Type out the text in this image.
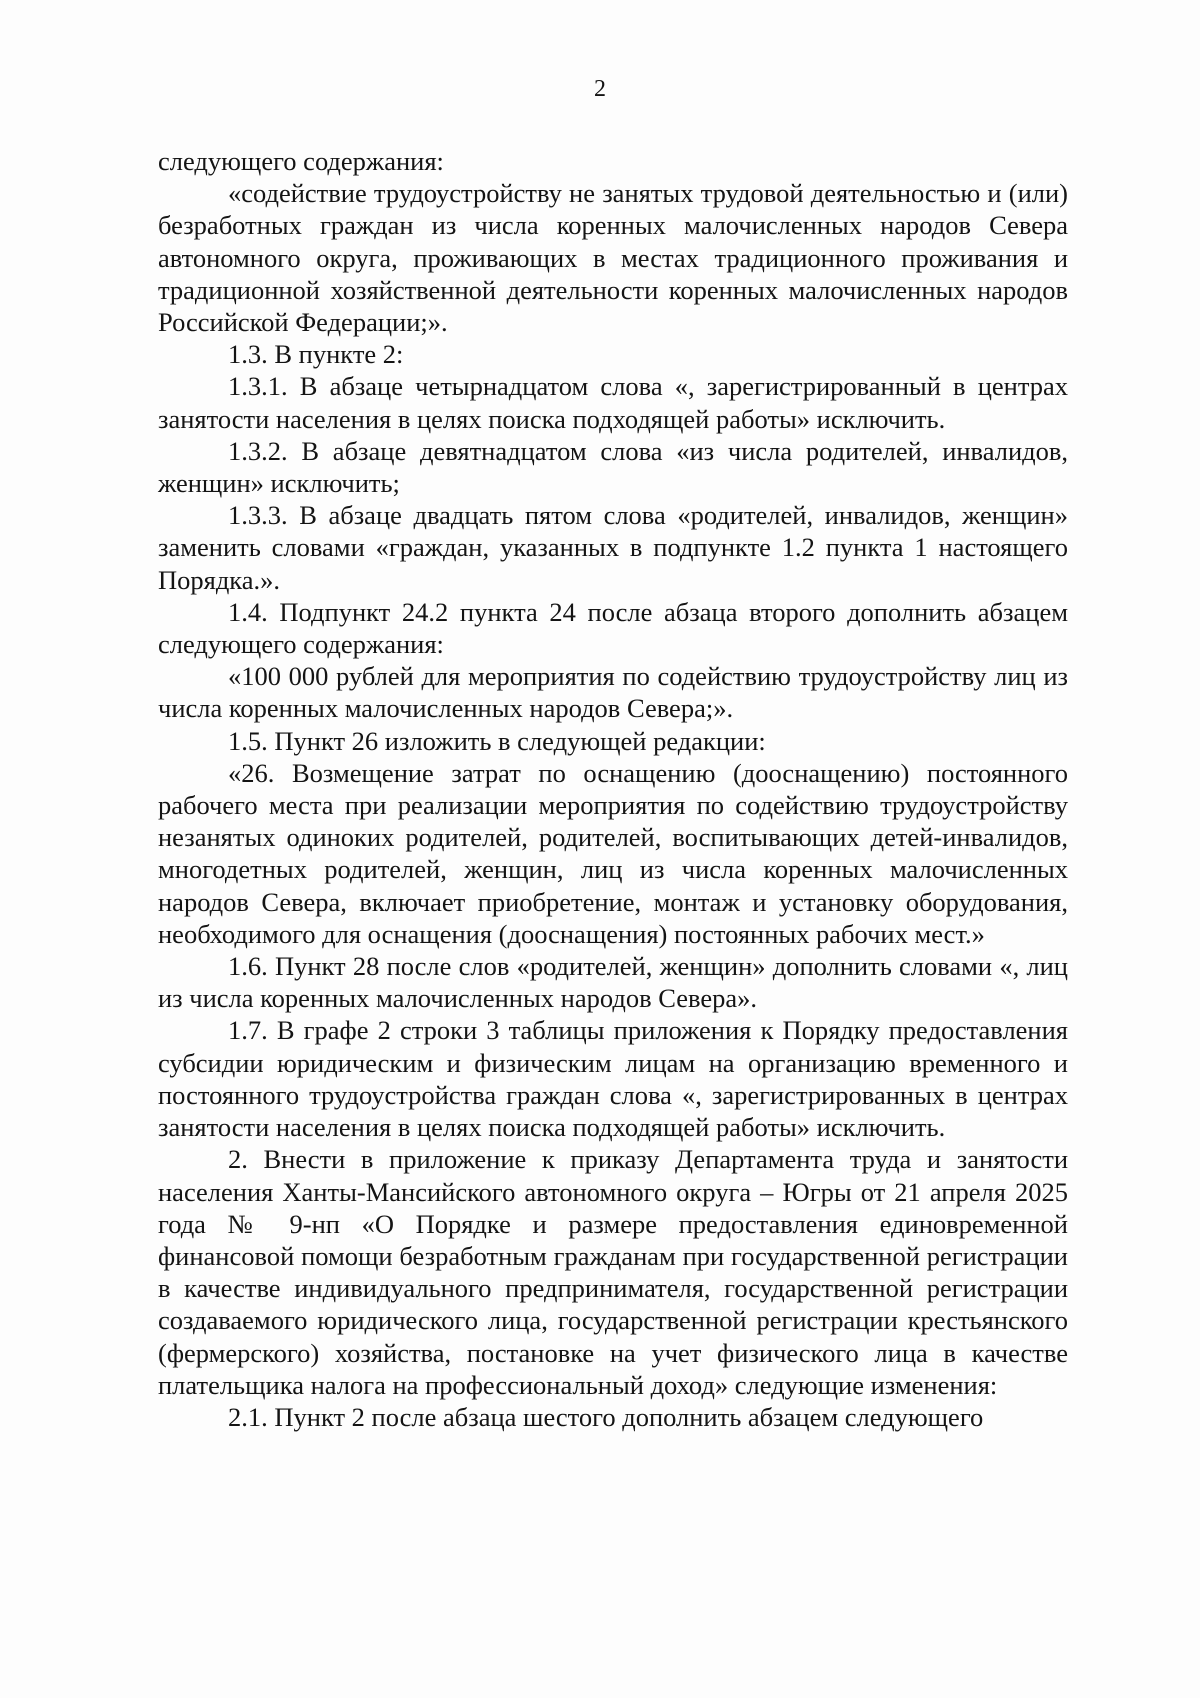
2

следующего содержания:

«содействие трудоустройству не занятых трудовой деятельностью и (или) безработных граждан из числа коренных малочисленных народов Севера автономного округа, проживающих в местах традиционного проживания и традиционной хозяйственной деятельности коренных малочисленных народов Российской Федерации;».

1.3. В пункте 2:

1.3.1. В абзаце четырнадцатом слова «, зарегистрированный в центрах занятости населения в целях поиска подходящей работы» исключить.

1.3.2. В абзаце девятнадцатом слова «из числа родителей, инвалидов, женщин» исключить;

1.3.3. В абзаце двадцать пятом слова «родителей, инвалидов, женщин» заменить словами «граждан, указанных в подпункте 1.2 пункта 1 настоящего Порядка.».

1.4. Подпункт 24.2 пункта 24 после абзаца второго дополнить абзацем следующего содержания:

«100 000 рублей для мероприятия по содействию трудоустройству лиц из числа коренных малочисленных народов Севера;».

1.5. Пункт 26 изложить в следующей редакции:

«26. Возмещение затрат по оснащению (дооснащению) постоянного рабочего места при реализации мероприятия по содействию трудоустройству незанятых одиноких родителей, родителей, воспитывающих детей-инвалидов, многодетных родителей, женщин, лиц из числа коренных малочисленных народов Севера, включает приобретение, монтаж и установку оборудования, необходимого для оснащения (дооснащения) постоянных рабочих мест.»

1.6. Пункт 28 после слов «родителей, женщин» дополнить словами «, лиц из числа коренных малочисленных народов Севера».

1.7. В графе 2 строки 3 таблицы приложения к Порядку предоставления субсидии юридическим и физическим лицам на организацию временного и постоянного трудоустройства граждан слова «, зарегистрированных в центрах занятости населения в целях поиска подходящей работы» исключить.

2. Внести в приложение к приказу Департамента труда и занятости населения Ханты-Мансийского автономного округа – Югры от 21 апреля 2025 года № 9-нп «О Порядке и размере предоставления единовременной финансовой помощи безработным гражданам при государственной регистрации в качестве индивидуального предпринимателя, государственной регистрации создаваемого юридического лица, государственной регистрации крестьянского (фермерского) хозяйства, постановке на учет физического лица в качестве плательщика налога на профессиональный доход» следующие изменения:

2.1. Пункт 2 после абзаца шестого дополнить абзацем следующего
